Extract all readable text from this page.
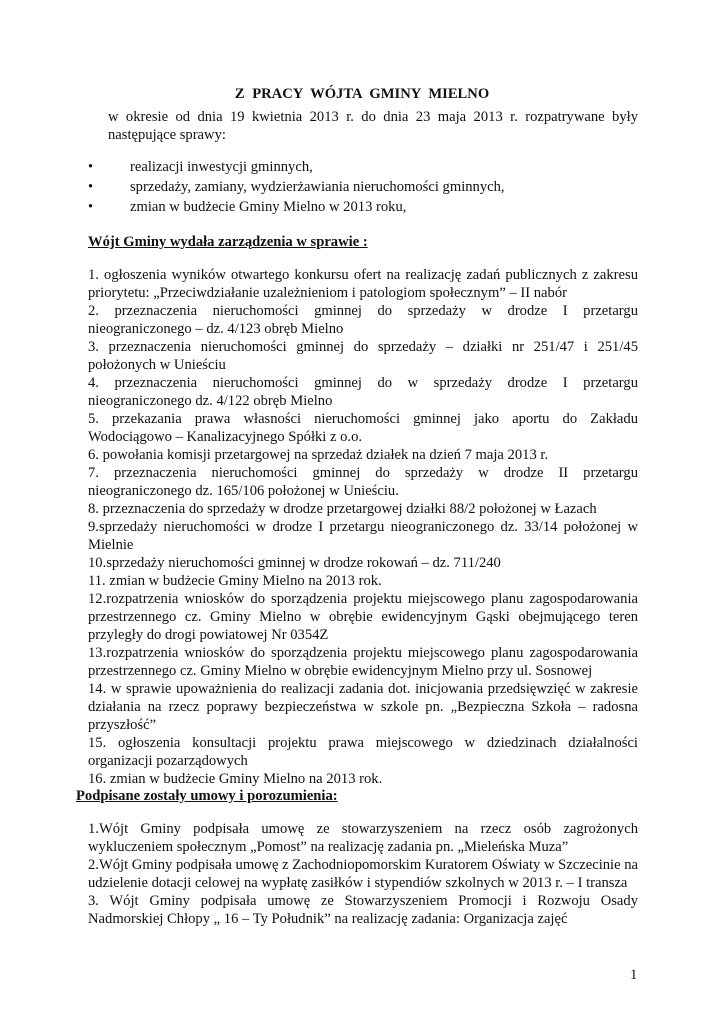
Z PRACY WÓJTA GMINY MIELNO
w okresie od dnia 19 kwietnia 2013 r. do dnia 23 maja 2013 r. rozpatrywane były następujące sprawy:
•	realizacji inwestycji gminnych,
•	sprzedaży, zamiany, wydzierżawiania nieruchomości gminnych,
•	zmian w budżecie Gminy Mielno w 2013 roku,
Wójt Gminy wydała zarządzenia w sprawie :
1. ogłoszenia wyników otwartego konkursu ofert na realizację zadań publicznych z zakresu priorytetu: „Przeciwdziałanie uzależnieniom i patologiom społecznym” – II nabór
2. przeznaczenia nieruchomości gminnej do sprzedaży w drodze I przetargu nieograniczonego – dz. 4/123 obręb Mielno
3. przeznaczenia nieruchomości gminnej do sprzedaży – działki nr 251/47 i 251/45 położonych w Unieściu
4. przeznaczenia nieruchomości gminnej do w sprzedaży drodze I przetargu nieograniczonego dz. 4/122 obręb Mielno
5. przekazania prawa własności nieruchomości gminnej jako aportu do Zakładu Wodociągowo – Kanalizacyjnego Spółki z o.o.
6. powołania komisji przetargowej na sprzedaż działek na dzień 7 maja 2013 r.
7. przeznaczenia nieruchomości gminnej do sprzedaży w drodze II przetargu nieograniczonego dz. 165/106 położonej w Unieściu.
8. przeznaczenia do sprzedaży w drodze przetargowej działki 88/2 położonej w Łazach
9.sprzedaży nieruchomości w drodze I przetargu nieograniczonego dz. 33/14 położonej w Mielnie
10.sprzedaży nieruchomości gminnej w drodze rokowań – dz. 711/240
11. zmian w budżecie Gminy Mielno na 2013 rok.
12.rozpatrzenia wniosków do sporządzenia projektu miejscowego planu zagospodarowania przestrzennego cz. Gminy Mielno w obrębie ewidencyjnym Gąski obejmującego teren przyległy do drogi powiatowej Nr 0354Z
13.rozpatrzenia wniosków do sporządzenia projektu miejscowego planu zagospodarowania przestrzennego cz. Gminy Mielno w obrębie ewidencyjnym Mielno przy ul. Sosnowej
14. w sprawie upoważnienia do realizacji zadania dot. inicjowania przedsięwzięć w zakresie działania na rzecz poprawy bezpieczeństwa w szkole pn. „Bezpieczna Szkoła – radosna przyszłość”
15. ogłoszenia konsultacji projektu prawa miejscowego w dziedzinach działalności organizacji pozarządowych
16. zmian w budżecie Gminy Mielno na 2013 rok.
Podpisane zostały umowy i porozumienia:
1.Wójt Gminy podpisała umowę ze stowarzyszeniem na rzecz osób zagrożonych wykluczeniem społecznym „Pomost” na realizację zadania pn. „Mieleńska Muza”
2.Wójt Gminy podpisała umowę z Zachodniopomorskim Kuratorem Oświaty w Szczecinie na udzielenie dotacji celowej na wypłatę zasiłków i stypendiów szkolnych w 2013 r. – I transza
3. Wójt Gminy podpisała umowę ze Stowarzyszeniem Promocji i Rozwoju Osady Nadmorskiej Chłopy „ 16 – Ty Południk” na realizację zadania: Organizacja zajęć
1
